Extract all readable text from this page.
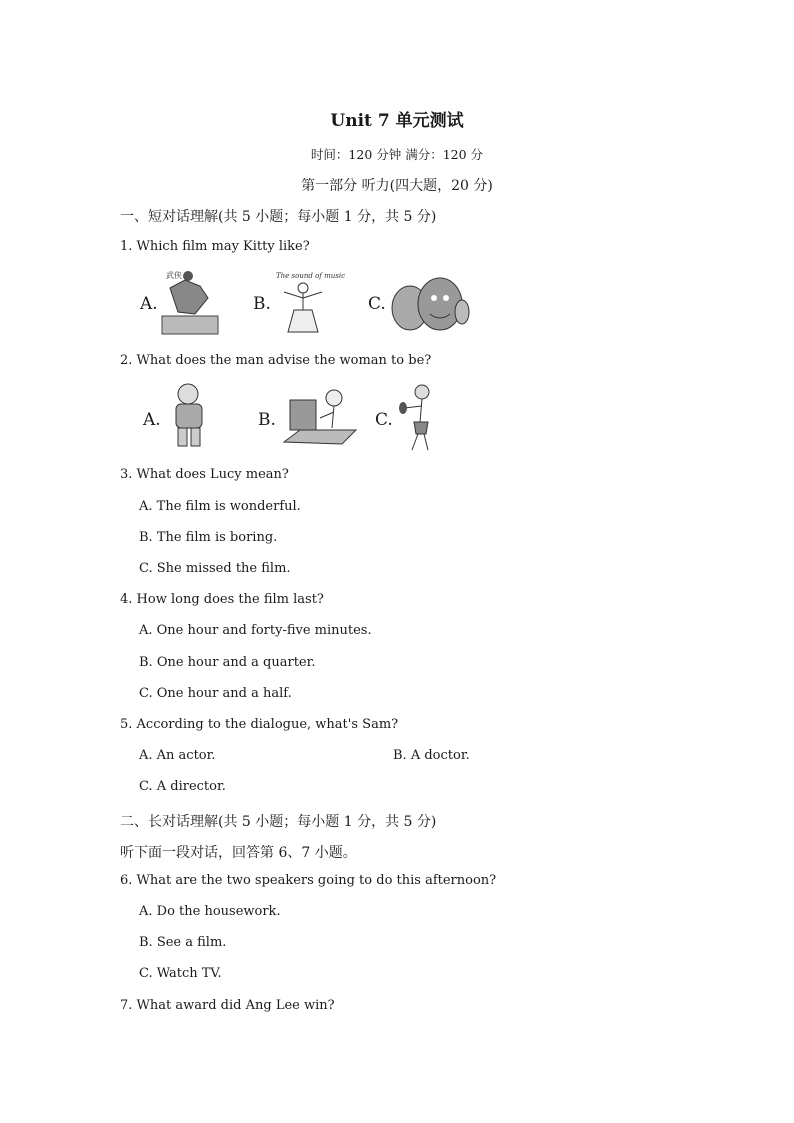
Unit 7 单元测试
时间：120 分钟 满分：120 分
第一部分 听力(四大题，20 分)
一、短对话理解(共 5 小题；每小题 1 分，共 5 分)
1. Which film may Kitty like?
A.
武侠
B.
The sound of music
C.
2. What does the man advise the woman to be?
A.	B.	C.
3. What does Lucy mean?
A. The film is wonderful.
B. The film is boring.
C. She missed the film.
4. How long does the film last?
A. One hour and forty-five minutes.
B. One hour and a quarter.
C. One hour and a half.
5. According to the dialogue, what's Sam?
A. An actor.	B. A doctor.
C. A director.
二、长对话理解(共 5 小题；每小题 1 分，共 5 分)
听下面一段对话，回答第 6、7 小题。
6. What are the two speakers going to do this afternoon?
A. Do the housework.
B. See a film.
C. Watch TV.
7. What award did Ang Lee win?
